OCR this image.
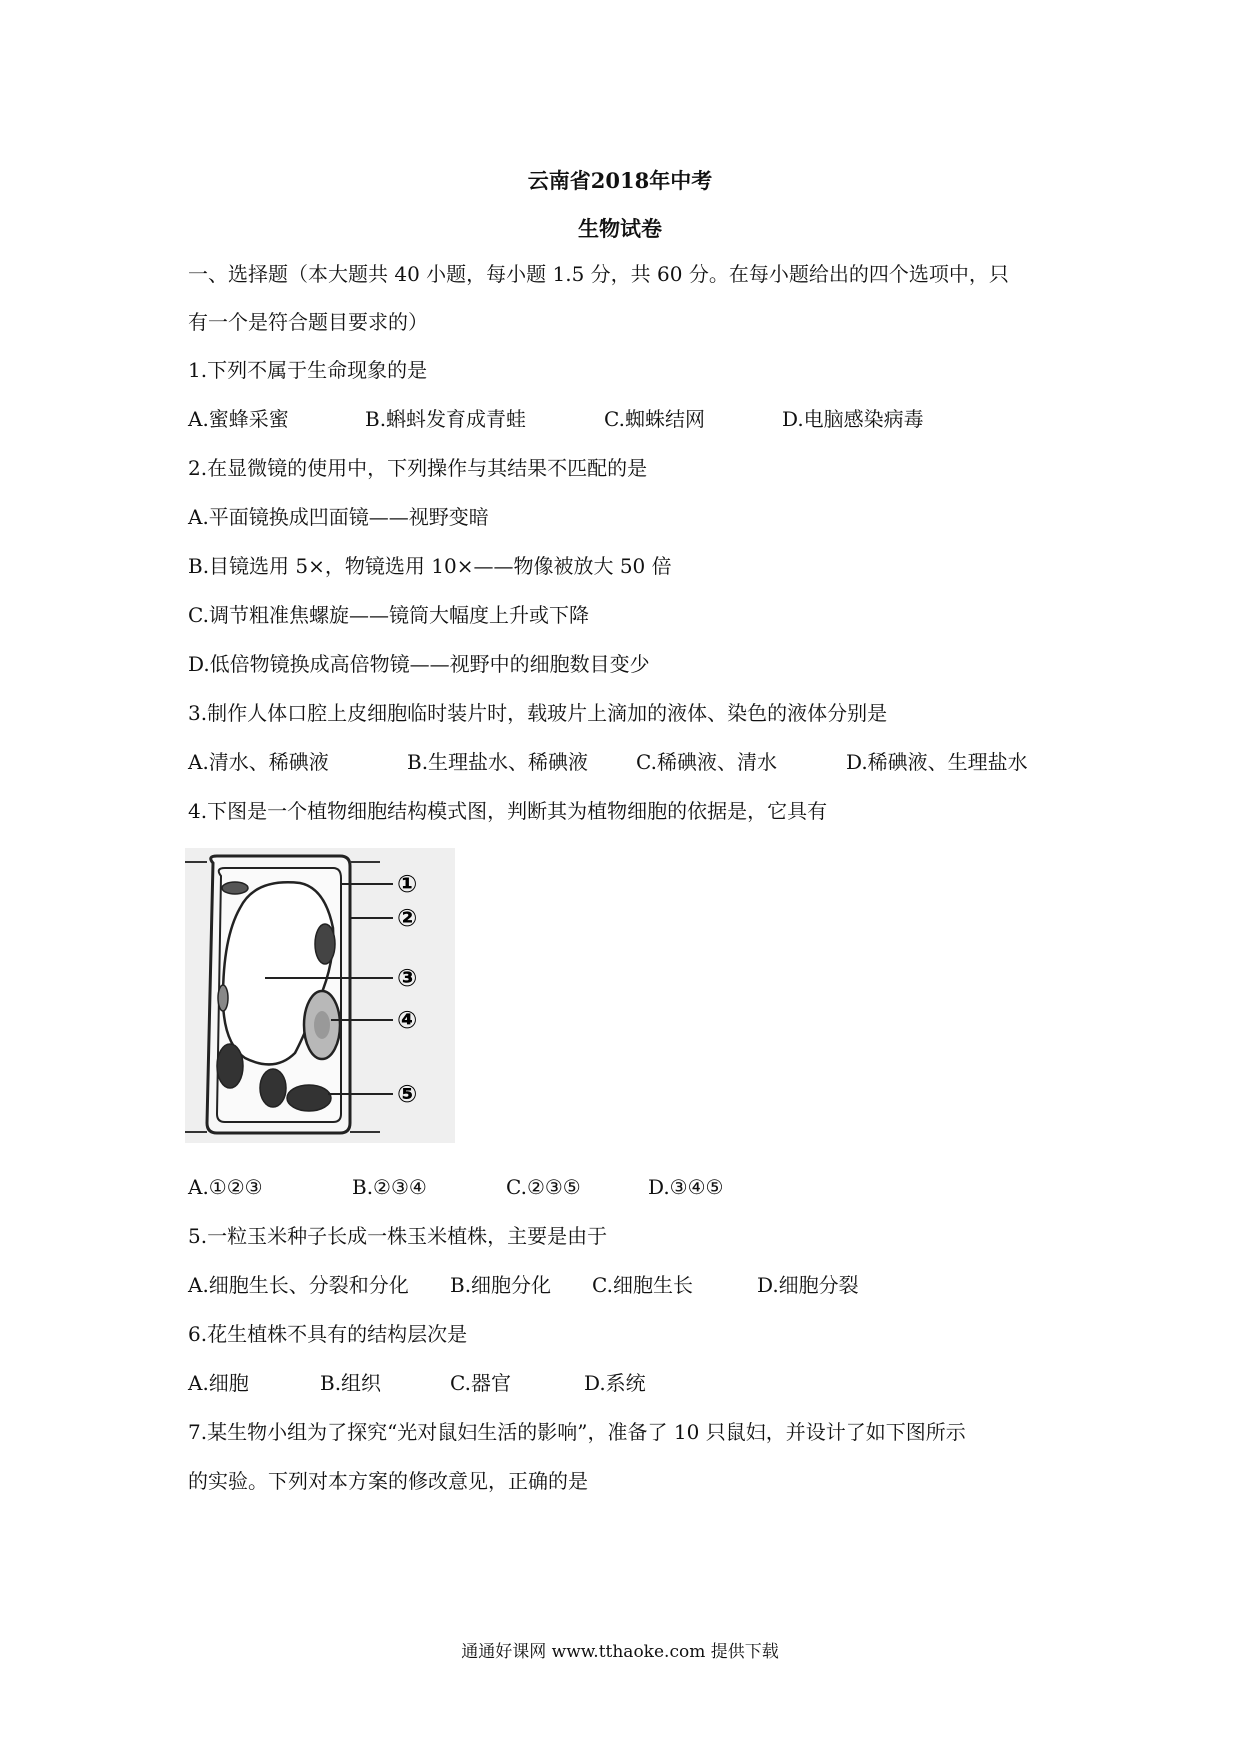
云南省2018年中考
生物试卷
一、选择题（本大题共 40 小题，每小题 1.5 分，共 60 分。在每小题给出的四个选项中，只
有一个是符合题目要求的）
1.下列不属于生命现象的是
A.蜜蜂采蜜	B.蝌蚪发育成青蛙	C.蜘蛛结网	D.电脑感染病毒
2.在显微镜的使用中，下列操作与其结果不匹配的是
A.平面镜换成凹面镜——视野变暗
B.目镜选用 5×，物镜选用 10×——物像被放大 50 倍
C.调节粗准焦螺旋——镜筒大幅度上升或下降
D.低倍物镜换成高倍物镜——视野中的细胞数目变少
3.制作人体口腔上皮细胞临时装片时，载玻片上滴加的液体、染色的液体分别是
A.清水、稀碘液	B.生理盐水、稀碘液 C.稀碘液、清水	D.稀碘液、生理盐水
4.下图是一个植物细胞结构模式图，判断其为植物细胞的依据是，它具有
①
②
③
④
⑤
A.①②③	B.②③④	C.②③⑤	D.③④⑤
5.一粒玉米种子长成一株玉米植株，主要是由于
A.细胞生长、分裂和分化 B.细胞分化 C.细胞生长	D.细胞分裂
6.花生植株不具有的结构层次是
A.细胞	B.组织	C.器官	D.系统
7.某生物小组为了探究“光对鼠妇生活的影响”，准备了 10 只鼠妇，并设计了如下图所示
的实验。下列对本方案的修改意见，正确的是
通通好课网 www.tthaoke.com 提供下载
